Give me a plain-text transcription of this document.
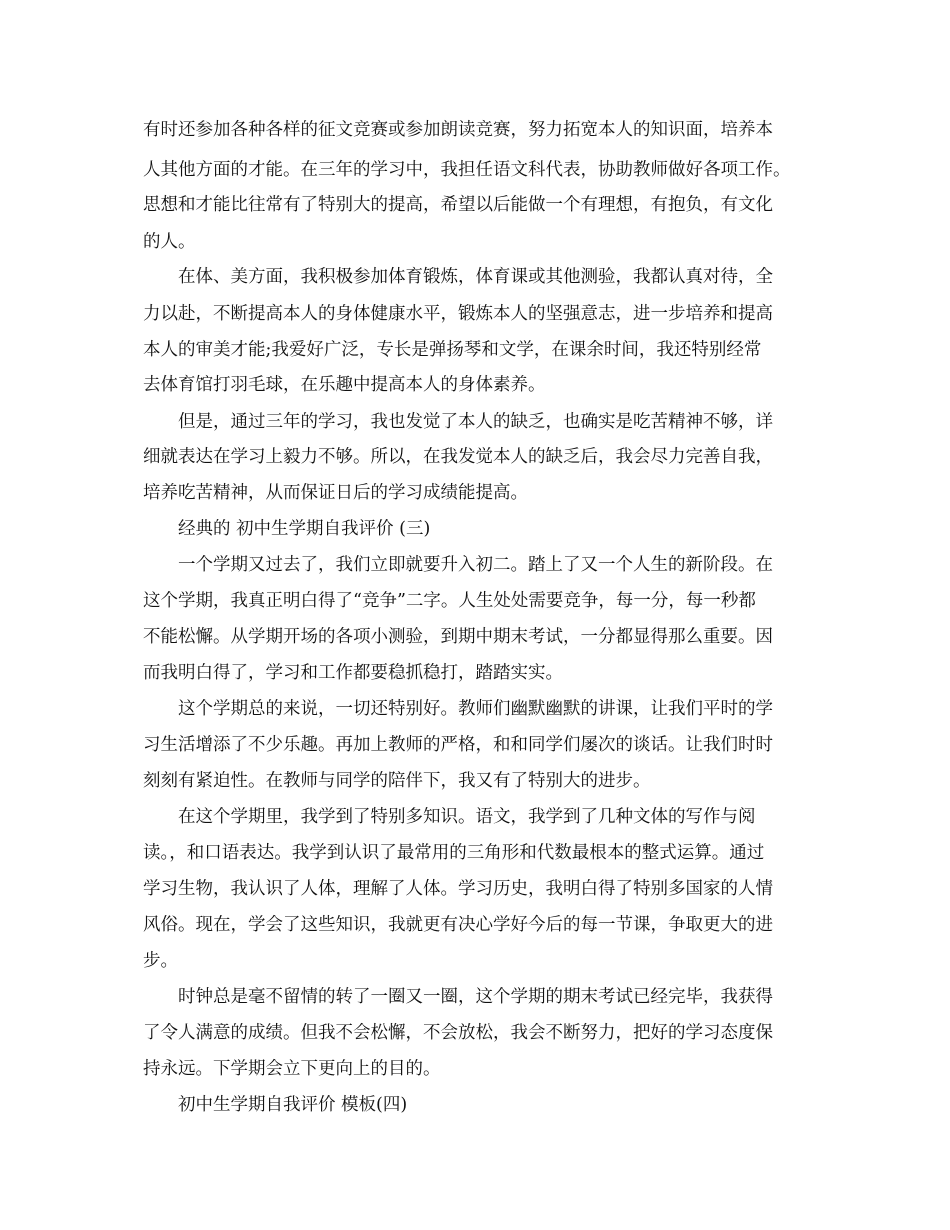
有时还参加各种各样的征文竞赛或参加朗读竞赛，努力拓宽本人的知识面，培养本

人其他方面的才能。在三年的学习中，我担任语文科代表，协助教师做好各项工作。

思想和才能比往常有了特别大的提高，希望以后能做一个有理想，有抱负，有文化

的人。

在体、美方面，我积极参加体育锻炼，体育课或其他测验，我都认真对待，全

力以赴，不断提高本人的身体健康水平，锻炼本人的坚强意志，进一步培养和提高

本人的审美才能;我爱好广泛，专长是弹扬琴和文学，在课余时间，我还特别经常

去体育馆打羽毛球，在乐趣中提高本人的身体素养。

但是，通过三年的学习，我也发觉了本人的缺乏，也确实是吃苦精神不够，详

细就表达在学习上毅力不够。所以，在我发觉本人的缺乏后，我会尽力完善自我，

培养吃苦精神，从而保证日后的学习成绩能提高。

经典的 初中生学期自我评价 (三)

一个学期又过去了，我们立即就要升入初二。踏上了又一个人生的新阶段。在

这个学期，我真正明白得了“竞争”二字。人生处处需要竞争，每一分，每一秒都

不能松懈。从学期开场的各项小测验，到期中期末考试，一分都显得那么重要。因

而我明白得了，学习和工作都要稳抓稳打，踏踏实实。

这个学期总的来说，一切还特别好。教师们幽默幽默的讲课，让我们平时的学

习生活增添了不少乐趣。再加上教师的严格，和和同学们屡次的谈话。让我们时时

刻刻有紧迫性。在教师与同学的陪伴下，我又有了特别大的进步。

在这个学期里，我学到了特别多知识。语文，我学到了几种文体的写作与阅

读。，和口语表达。我学到认识了最常用的三角形和代数最根本的整式运算。通过

学习生物，我认识了人体，理解了人体。学习历史，我明白得了特别多国家的人情

风俗。现在，学会了这些知识，我就更有决心学好今后的每一节课，争取更大的进

步。

时钟总是毫不留情的转了一圈又一圈，这个学期的期末考试已经完毕，我获得

了令人满意的成绩。但我不会松懈，不会放松，我会不断努力，把好的学习态度保

持永远。下学期会立下更向上的目的。

初中生学期自我评价 模板(四)
